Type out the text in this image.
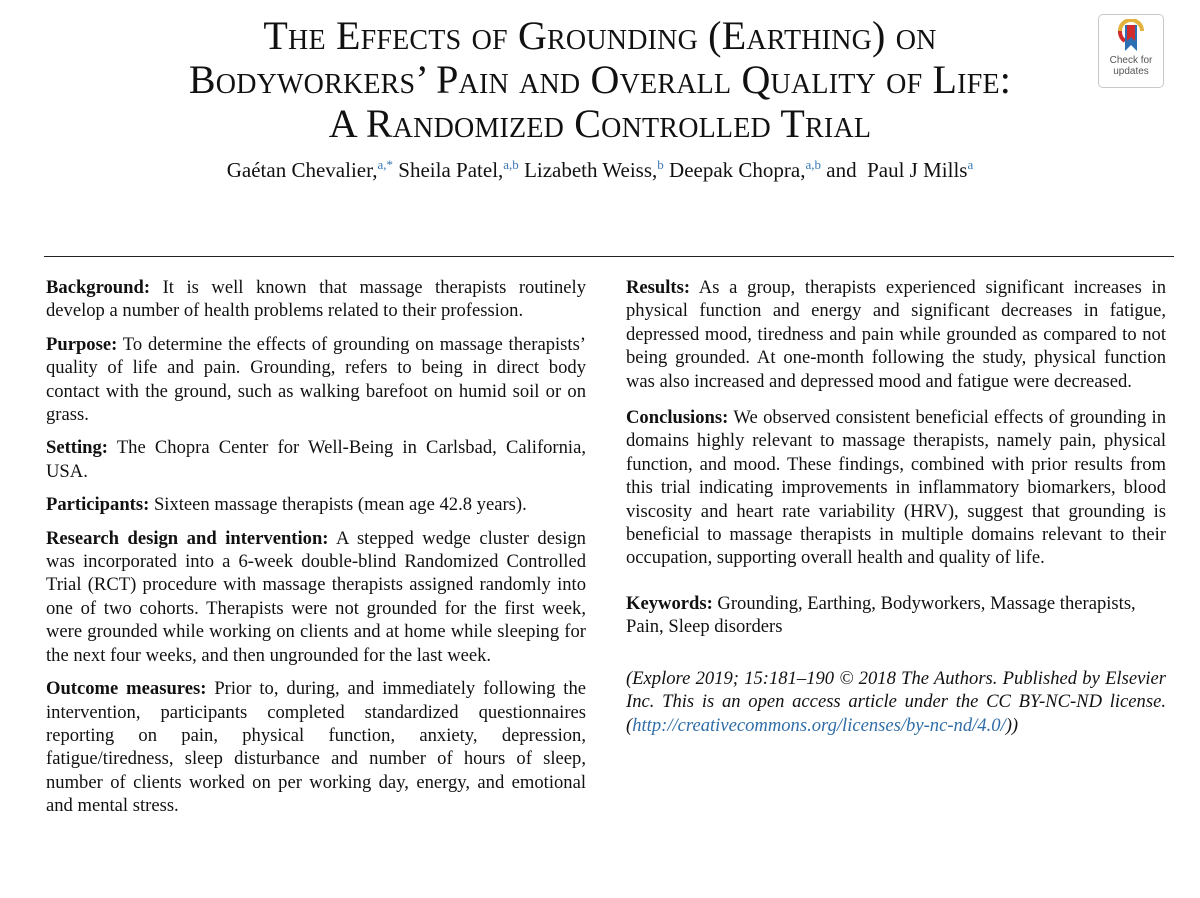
The Effects of Grounding (Earthing) on
Bodyworkers’ Pain and Overall Quality of Life:
A Randomized Controlled Trial
Check for
updates
Gaétan Chevalier,$^{a,*}$ Sheila Patel,$^{a,b}$ Lizabeth Weiss,$^b$ Deepak Chopra,$^{a,b}$ and Paul J Mills$^a$

Background: It is well known that massage therapists routinely develop a number of health problems related to their profession.

Purpose: To determine the effects of grounding on massage therapists’ quality of life and pain. Grounding, refers to being in direct body contact with the ground, such as walking barefoot on humid soil or on grass.

Setting: The Chopra Center for Well-Being in Carlsbad, California, USA.

Participants: Sixteen massage therapists (mean age 42.8 years).

Research design and intervention: A stepped wedge cluster design was incorporated into a 6-week double-blind Randomized Controlled Trial (RCT) procedure with massage therapists assigned randomly into one of two cohorts. Therapists were not grounded for the first week, were grounded while working on clients and at home while sleeping for the next four weeks, and then ungrounded for the last week.

Outcome measures: Prior to, during, and immediately following the intervention, participants completed standardized questionnaires reporting on pain, physical function, anxiety, depression, fatigue/tiredness, sleep disturbance and number of hours of sleep, number of clients worked on per working day, energy, and emotional and mental stress.

Results: As a group, therapists experienced significant increases in physical function and energy and significant decreases in fatigue, depressed mood, tiredness and pain while grounded as compared to not being grounded. At one-month following the study, physical function was also increased and depressed mood and fatigue were decreased.

Conclusions: We observed consistent beneficial effects of grounding in domains highly relevant to massage therapists, namely pain, physical function, and mood. These findings, combined with prior results from this trial indicating improvements in inflammatory biomarkers, blood viscosity and heart rate variability (HRV), suggest that grounding is beneficial to massage therapists in multiple domains relevant to their occupation, supporting overall health and quality of life.

Keywords: Grounding, Earthing, Bodyworkers, Massage therapists, Pain, Sleep disorders

(Explore 2019; 15:181–190 © 2018 The Authors. Published by Elsevier Inc. This is an open access article under the CC BY-NC-ND license. (http://creativecommons.org/licenses/by-nc-nd/4.0/))
